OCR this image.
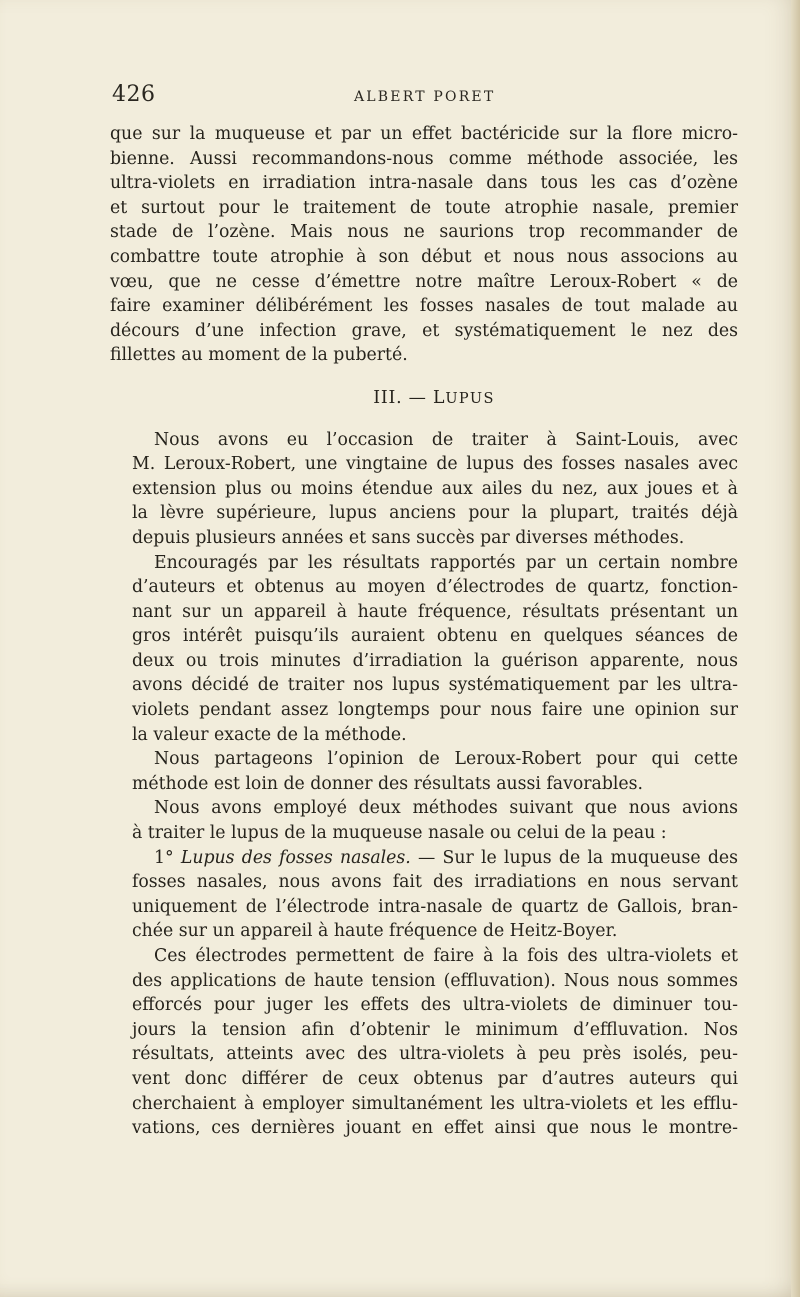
426	ALBERT PORET

que sur la muqueuse et par un effet bactéricide sur la flore micro-
bienne. Aussi recommandons-nous comme méthode associée, les
ultra-violets en irradiation intra-nasale dans tous les cas d’ozène
et surtout pour le traitement de toute atrophie nasale, premier
stade de l’ozène. Mais nous ne saurions trop recommander de
combattre toute atrophie à son début et nous nous associons au
vœu, que ne cesse d’émettre notre maître Leroux-Robert « de
faire examiner délibérément les fosses nasales de tout malade au
décours d’une infection grave, et systématiquement le nez des
fillettes au moment de la puberté.

III. — LUPUS

Nous avons eu l’occasion de traiter à Saint-Louis, avec
M. Leroux-Robert, une vingtaine de lupus des fosses nasales avec
extension plus ou moins étendue aux ailes du nez, aux joues et à
la lèvre supérieure, lupus anciens pour la plupart, traités déjà
depuis plusieurs années et sans succès par diverses méthodes.

Encouragés par les résultats rapportés par un certain nombre
d’auteurs et obtenus au moyen d’électrodes de quartz, fonction-
nant sur un appareil à haute fréquence, résultats présentant un
gros intérêt puisqu’ils auraient obtenu en quelques séances de
deux ou trois minutes d’irradiation la guérison apparente, nous
avons décidé de traiter nos lupus systématiquement par les ultra-
violets pendant assez longtemps pour nous faire une opinion sur
la valeur exacte de la méthode.

Nous partageons l’opinion de Leroux-Robert pour qui cette
méthode est loin de donner des résultats aussi favorables.

Nous avons employé deux méthodes suivant que nous avions
à traiter le lupus de la muqueuse nasale ou celui de la peau :

1° Lupus des fosses nasales. — Sur le lupus de la muqueuse des
fosses nasales, nous avons fait des irradiations en nous servant
uniquement de l’électrode intra-nasale de quartz de Gallois, bran-
chée sur un appareil à haute fréquence de Heitz-Boyer.

Ces électrodes permettent de faire à la fois des ultra-violets et
des applications de haute tension (effluvation). Nous nous sommes
efforcés pour juger les effets des ultra-violets de diminuer tou-
jours la tension afin d’obtenir le minimum d’effluvation. Nos
résultats, atteints avec des ultra-violets à peu près isolés, peu-
vent donc différer de ceux obtenus par d’autres auteurs qui
cherchaient à employer simultanément les ultra-violets et les efflu-
vations, ces dernières jouant en effet ainsi que nous le montre-
